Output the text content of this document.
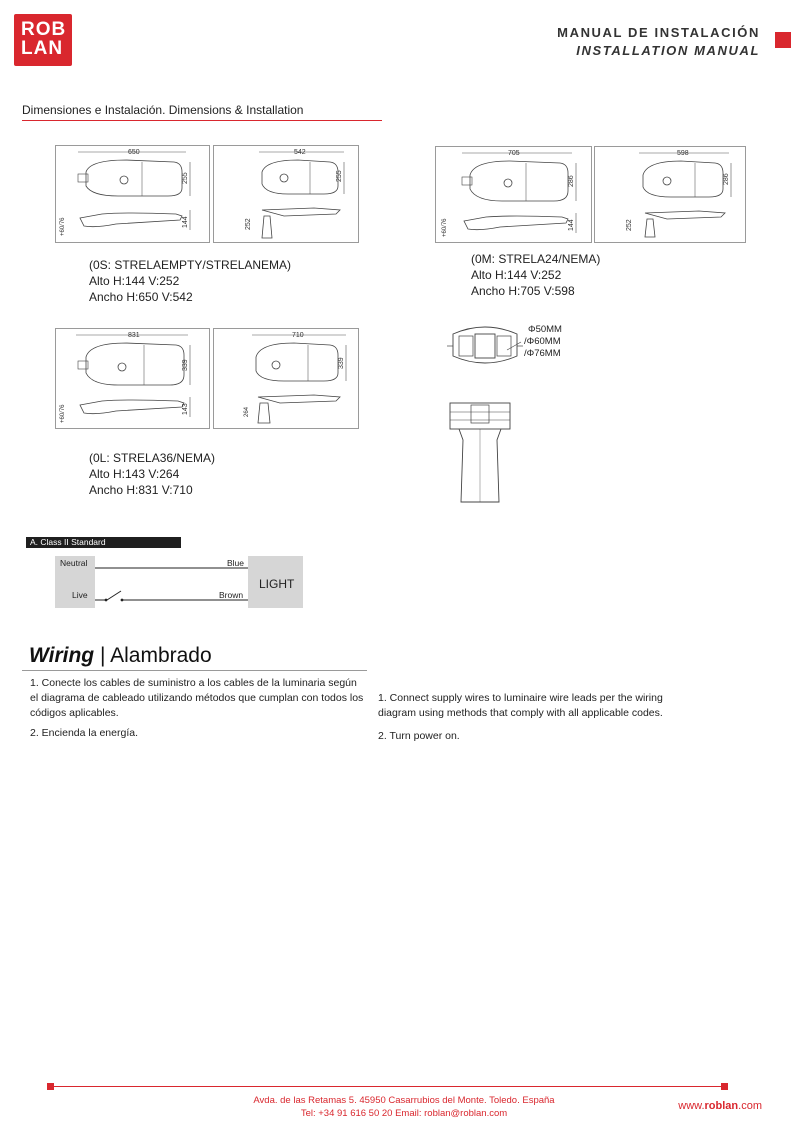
ROB
LAN
MANUAL DE INSTALACIÓN
INSTALLATION MANUAL
Dimensiones e Instalación. Dimensions & Installation
650
255
144
+60/76
542
255
252
(0S: STRELAEMPTY/STRELANEMA)
Alto H:144 V:252
Ancho H:650 V:542
705
286
144
+60/76
598
286
252
(0M: STRELA24/NEMA)
Alto H:144 V:252
Ancho H:705 V:598
831
339
143
+60/76
710
339
264
(0L: STRELA36/NEMA)
Alto H:143 V:264
Ancho H:831 V:710
Φ50MM
/Φ60MM
/Φ76MM
A. Class II Standard
Neutral
Live
Blue
Brown
LIGHT
Wiring | Alambrado
1. Conecte los cables de suministro a los cables de la luminaria según el diagrama de cableado utilizando métodos que cumplan con todos los códigos aplicables.
2. Encienda la energía.
1. Connect supply wires to luminaire wire leads per the wiring diagram using methods that comply with all applicable codes.
2. Turn power on.
Avda. de las Retamas 5. 45950 Casarrubios del Monte. Toledo. España
Tel: +34 91 616 50 20 Email: roblan@roblan.com
www.roblan.com
